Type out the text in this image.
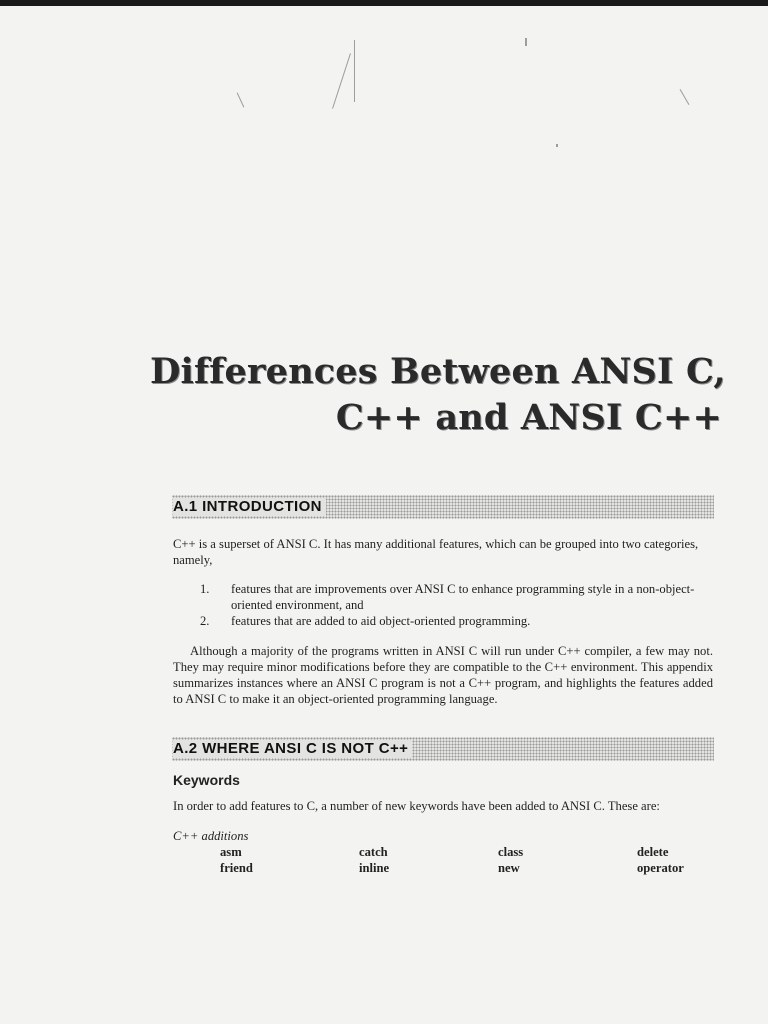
Differences Between ANSI C,
C++ and ANSI C++
A.1 INTRODUCTION

C++ is a superset of ANSI C. It has many additional features, which can be grouped into two categories, namely,

1. features that are improvements over ANSI C to enhance programming style in a non-object-oriented environment, and
2. features that are added to aid object-oriented programming.

Although a majority of the programs written in ANSI C will run under C++ compiler, a few may not. They may require minor modifications before they are compatible to the C++ environment. This appendix summarizes instances where an ANSI C program is not a C++ program, and highlights the features added to ANSI C to make it an object-oriented programming language.

A.2 WHERE ANSI C IS NOT C++
Keywords

In order to add features to C, a number of new keywords have been added to ANSI C. These are:

C++ additions
asm	catch	class	delete
friend	inline	new	operator
